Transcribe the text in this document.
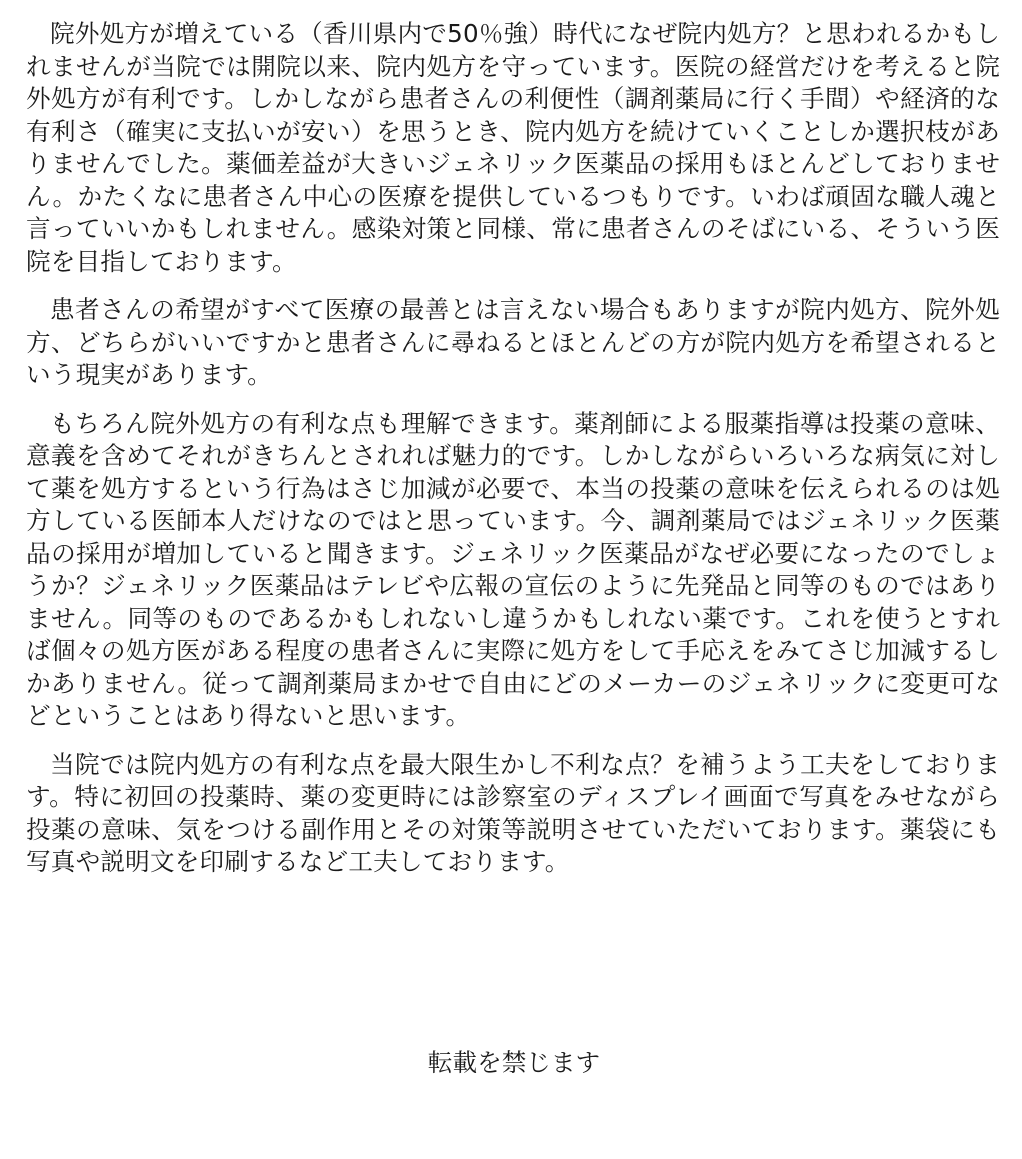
院外処方が増えている（香川県内で50％強）時代になぜ院内処方？と思われるかもしれませんが当院では開院以来、院内処方を守っています。医院の経営だけを考えると院外処方が有利です。しかしながら患者さんの利便性（調剤薬局に行く手間）や経済的な有利さ（確実に支払いが安い）を思うとき、院内処方を続けていくことしか選択枝がありませんでした。薬価差益が大きいジェネリック医薬品の採用もほとんどしておりません。かたくなに患者さん中心の医療を提供しているつもりです。いわば頑固な職人魂と言っていいかもしれません。感染対策と同様、常に患者さんのそばにいる、そういう医院を目指しております。

患者さんの希望がすべて医療の最善とは言えない場合もありますが院内処方、院外処方、どちらがいいですかと患者さんに尋ねるとほとんどの方が院内処方を希望されるという現実があります。

もちろん院外処方の有利な点も理解できます。薬剤師による服薬指導は投薬の意味、意義を含めてそれがきちんとされれば魅力的です。しかしながらいろいろな病気に対して薬を処方するという行為はさじ加減が必要で、本当の投薬の意味を伝えられるのは処方している医師本人だけなのではと思っています。今、調剤薬局ではジェネリック医薬品の採用が増加していると聞きます。ジェネリック医薬品がなぜ必要になったのでしょうか？ジェネリック医薬品はテレビや広報の宣伝のように先発品と同等のものではありません。同等のものであるかもしれないし違うかもしれない薬です。これを使うとすれば個々の処方医がある程度の患者さんに実際に処方をして手応えをみてさじ加減するしかありません。従って調剤薬局まかせで自由にどのメーカーのジェネリックに変更可などということはあり得ないと思います。

当院では院内処方の有利な点を最大限生かし不利な点？を補うよう工夫をしております。特に初回の投薬時、薬の変更時には診察室のディスプレイ画面で写真をみせながら投薬の意味、気をつける副作用とその対策等説明させていただいております。薬袋にも写真や説明文を印刷するなど工夫しております。

転載を禁じます
